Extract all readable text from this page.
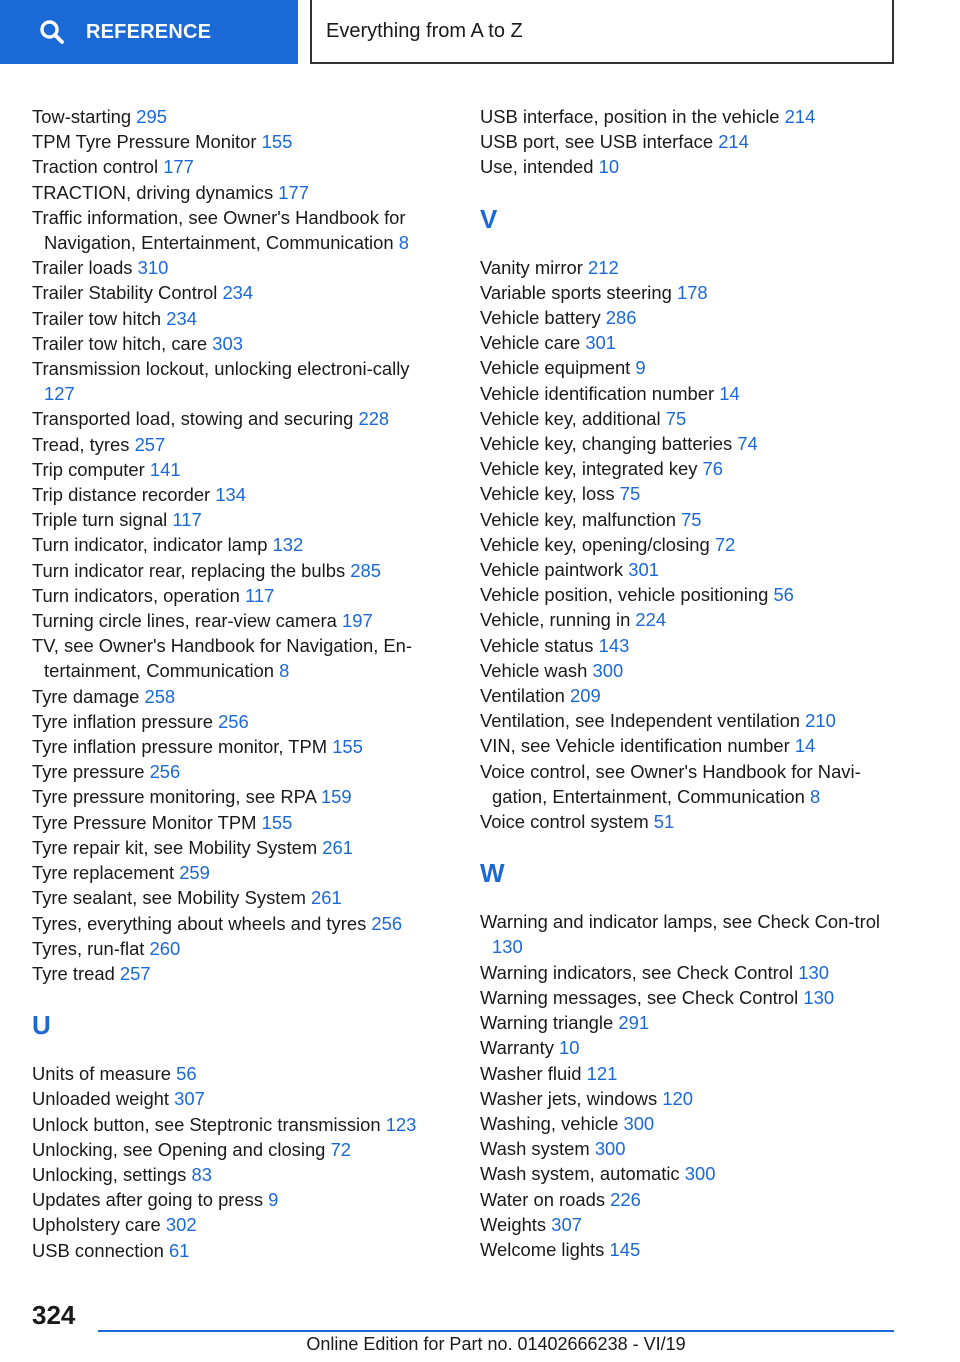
REFERENCE	Everything from A to Z
Tow-starting 295
TPM Tyre Pressure Monitor 155
Traction control 177
TRACTION, driving dynamics 177
Traffic information, see Owner's Handbook for Navigation, Entertainment, Communication 8
Trailer loads 310
Trailer Stability Control 234
Trailer tow hitch 234
Trailer tow hitch, care 303
Transmission lockout, unlocking electroni-cally 127
Transported load, stowing and securing 228
Tread, tyres 257
Trip computer 141
Trip distance recorder 134
Triple turn signal 117
Turn indicator, indicator lamp 132
Turn indicator rear, replacing the bulbs 285
Turn indicators, operation 117
Turning circle lines, rear-view camera 197
TV, see Owner's Handbook for Navigation, En-tertainment, Communication 8
Tyre damage 258
Tyre inflation pressure 256
Tyre inflation pressure monitor, TPM 155
Tyre pressure 256
Tyre pressure monitoring, see RPA 159
Tyre Pressure Monitor TPM 155
Tyre repair kit, see Mobility System 261
Tyre replacement 259
Tyre sealant, see Mobility System 261
Tyres, everything about wheels and tyres 256
Tyres, run-flat 260
Tyre tread 257
U
Units of measure 56
Unloaded weight 307
Unlock button, see Steptronic transmission 123
Unlocking, see Opening and closing 72
Unlocking, settings 83
Updates after going to press 9
Upholstery care 302
USB connection 61
USB interface, position in the vehicle 214
USB port, see USB interface 214
Use, intended 10
V
Vanity mirror 212
Variable sports steering 178
Vehicle battery 286
Vehicle care 301
Vehicle equipment 9
Vehicle identification number 14
Vehicle key, additional 75
Vehicle key, changing batteries 74
Vehicle key, integrated key 76
Vehicle key, loss 75
Vehicle key, malfunction 75
Vehicle key, opening/closing 72
Vehicle paintwork 301
Vehicle position, vehicle positioning 56
Vehicle, running in 224
Vehicle status 143
Vehicle wash 300
Ventilation 209
Ventilation, see Independent ventilation 210
VIN, see Vehicle identification number 14
Voice control, see Owner's Handbook for Navi-gation, Entertainment, Communication 8
Voice control system 51
W
Warning and indicator lamps, see Check Con-trol 130
Warning indicators, see Check Control 130
Warning messages, see Check Control 130
Warning triangle 291
Warranty 10
Washer fluid 121
Washer jets, windows 120
Washing, vehicle 300
Wash system 300
Wash system, automatic 300
Water on roads 226
Weights 307
Welcome lights 145
324
Online Edition for Part no. 01402666238 - VI/19
